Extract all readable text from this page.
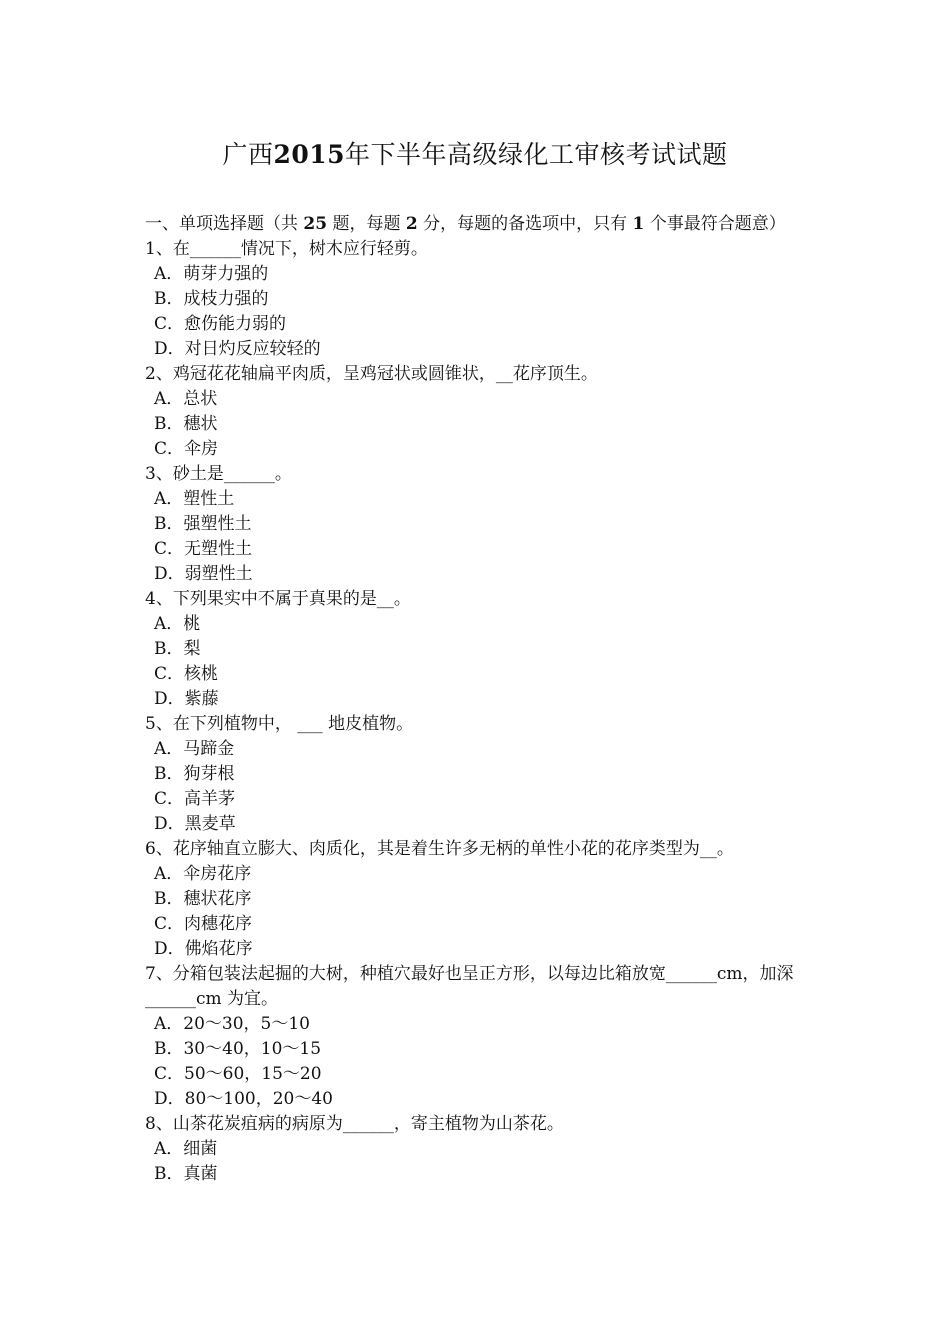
广西2015年下半年高级绿化工审核考试试题
一、单项选择题（共 25 题，每题 2 分，每题的备选项中，只有 1 个事最符合题意）
1、在______情况下，树木应行轻剪。
A．萌芽力强的
B．成枝力强的
C．愈伤能力弱的
D．对日灼反应较轻的
2、鸡冠花花轴扁平肉质，呈鸡冠状或圆锥状，__花序顶生。
A．总状
B．穗状
C．伞房
3、砂土是______。
A．塑性土
B．强塑性土
C．无塑性土
D．弱塑性土
4、下列果实中不属于真果的是__。
A．桃
B．梨
C．核桃
D．紫藤
5、在下列植物中， ___ 地皮植物。
A．马蹄金
B．狗芽根
C．高羊茅
D．黑麦草
6、花序轴直立膨大、肉质化，其是着生许多无柄的单性小花的花序类型为__。
A．伞房花序
B．穗状花序
C．肉穗花序
D．佛焰花序
7、分箱包装法起掘的大树，种植穴最好也呈正方形，以每边比箱放宽______cm，加深______cm 为宜。
A．20～30，5～10
B．30～40，10～15
C．50～60，15～20
D．80～100，20～40
8、山茶花炭疽病的病原为______，寄主植物为山茶花。
A．细菌
B．真菌
